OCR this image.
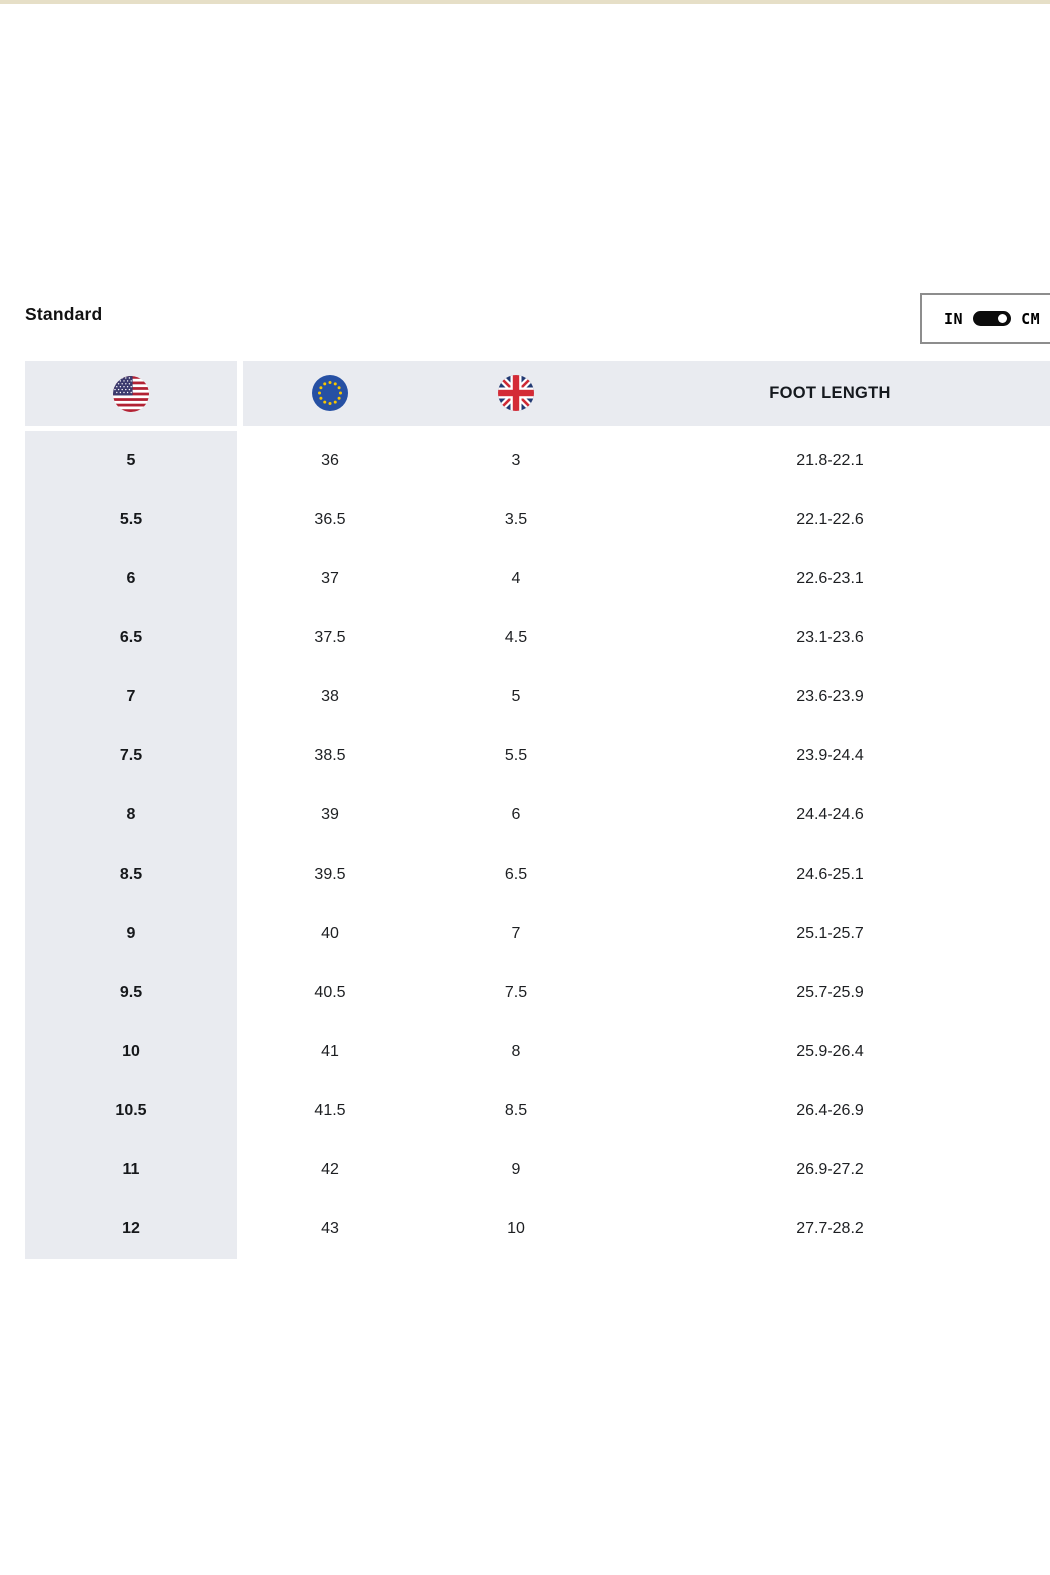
Standard	IN	CM
FOOT LENGTH
5	36	3	21.8-22.1
5.5	36.5	3.5	22.1-22.6
6	37	4	22.6-23.1
6.5	37.5	4.5	23.1-23.6
7	38	5	23.6-23.9
7.5	38.5	5.5	23.9-24.4
8	39	6	24.4-24.6
8.5	39.5	6.5	24.6-25.1
9	40	7	25.1-25.7
9.5	40.5	7.5	25.7-25.9
10	41	8	25.9-26.4
10.5	41.5	8.5	26.4-26.9
11	42	9	26.9-27.2
12	43	10	27.7-28.2
